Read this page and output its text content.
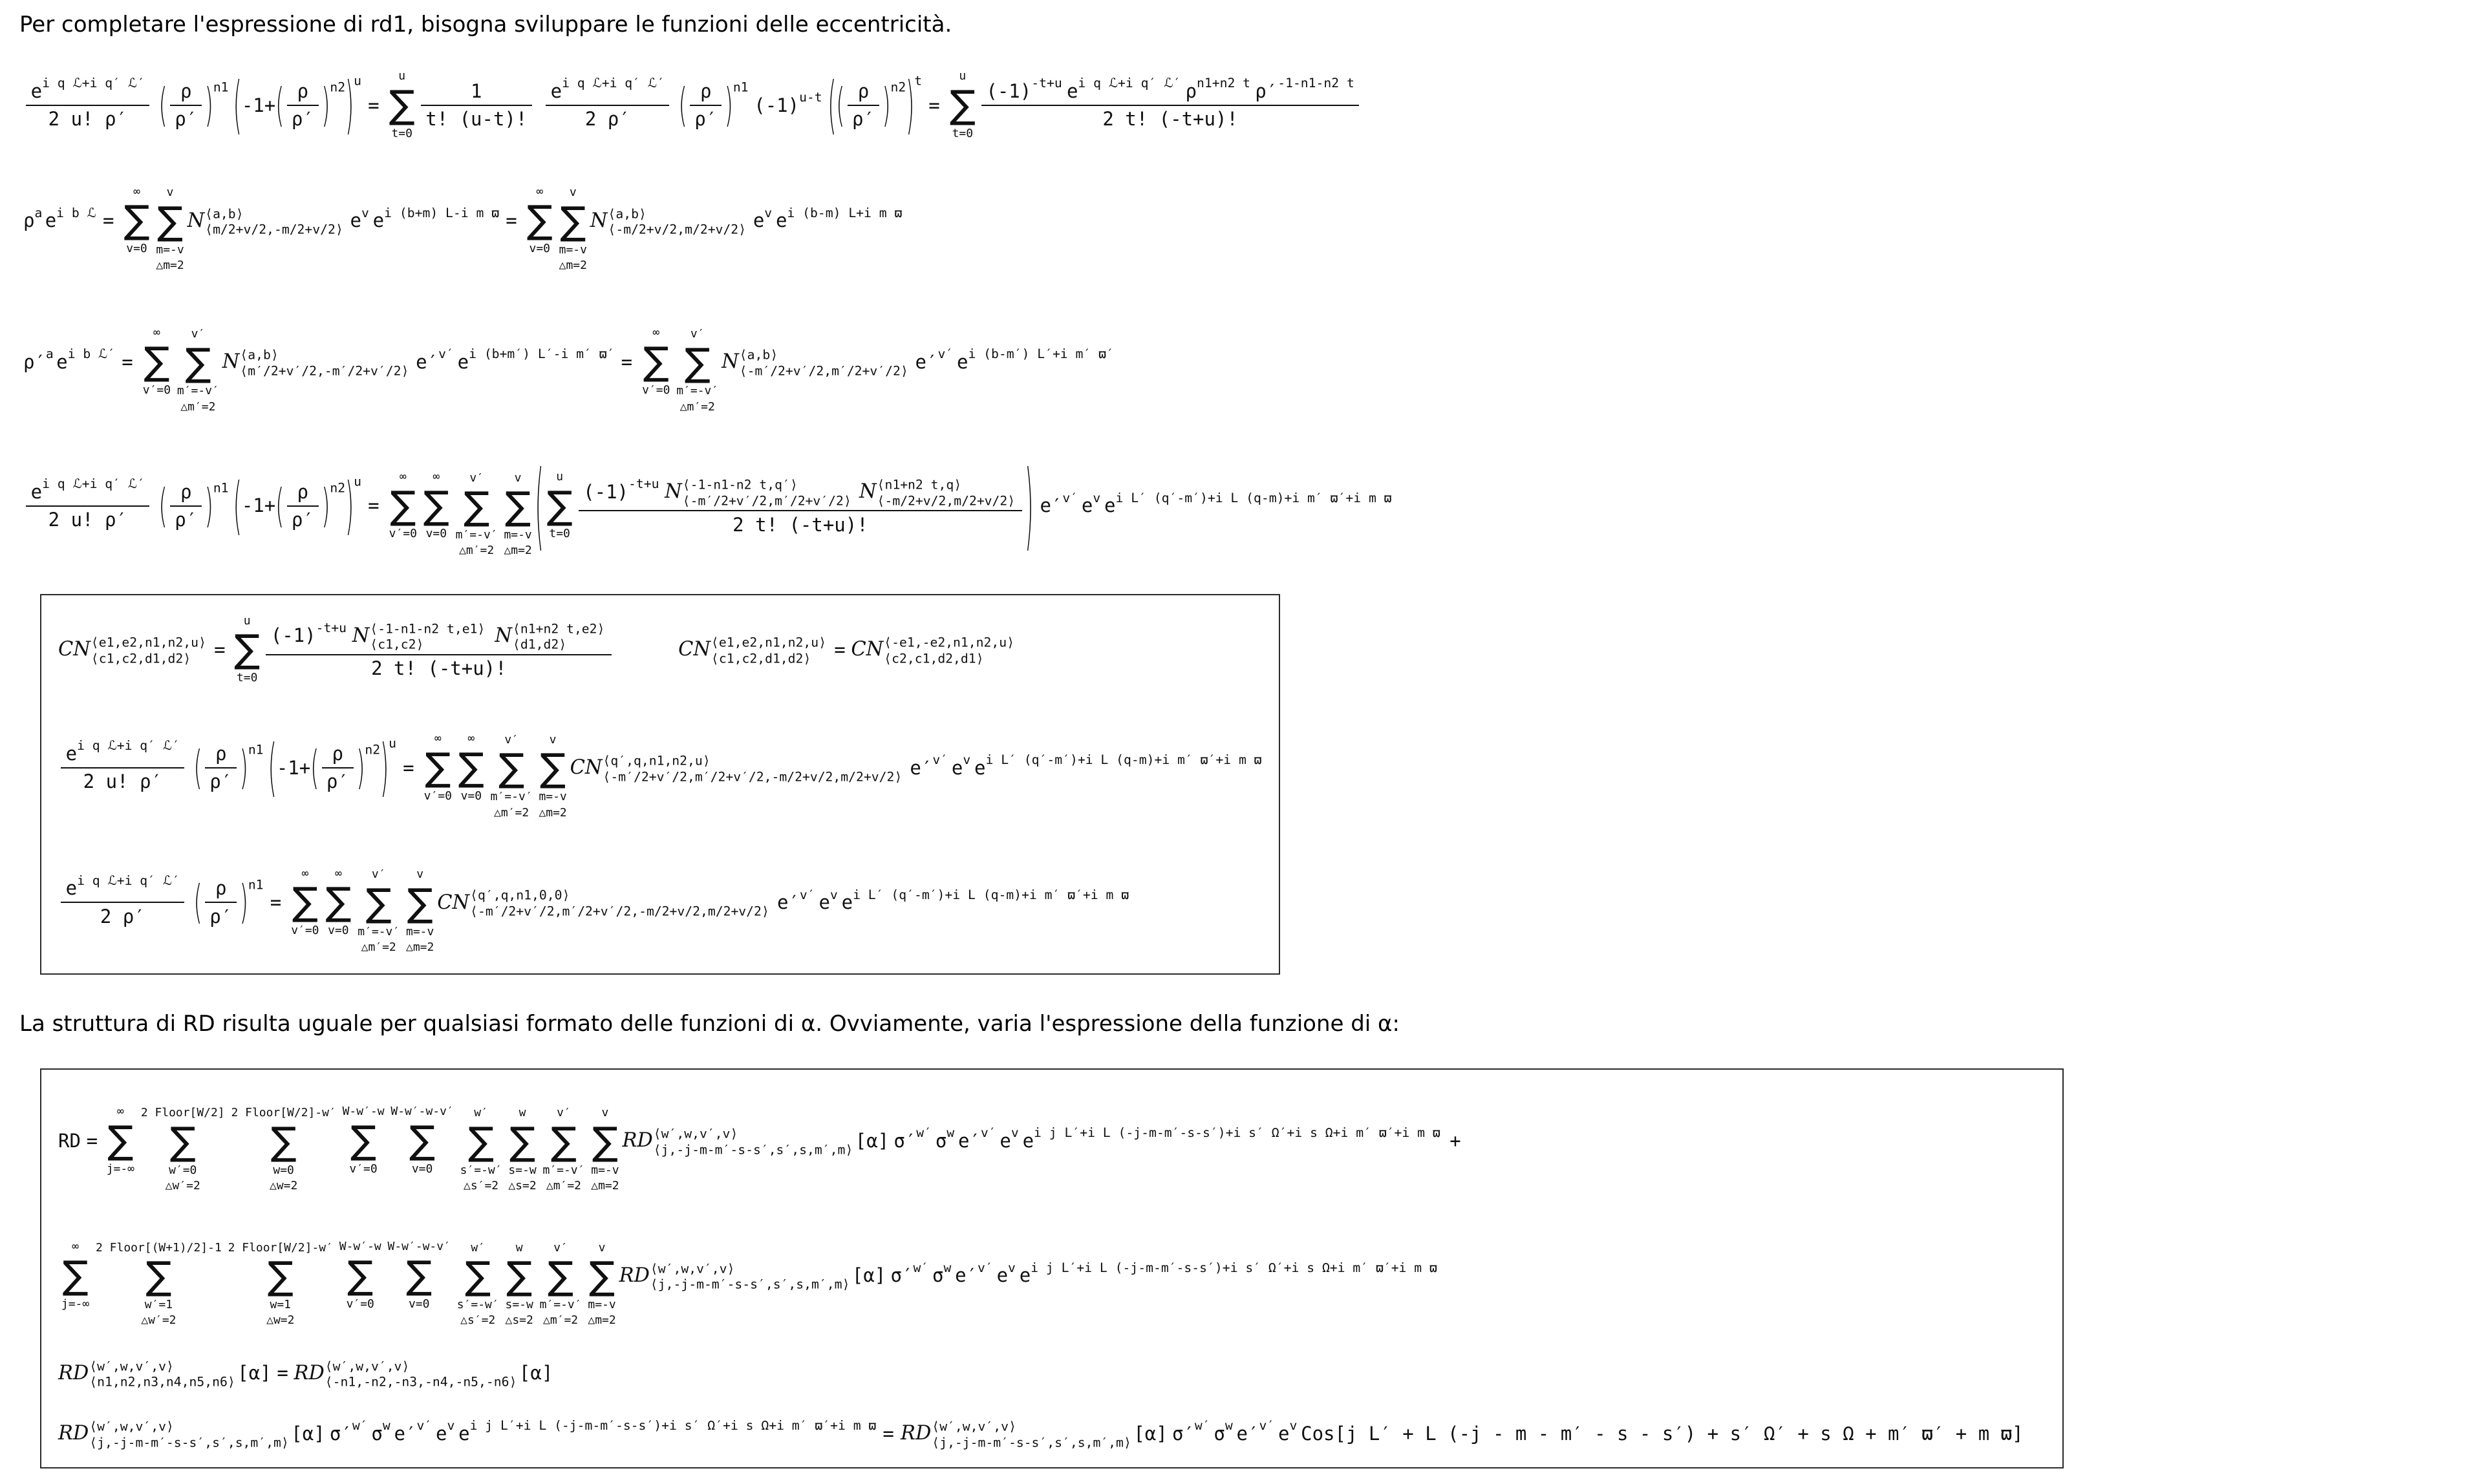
Per completare l'espressione di rd1, bisogna sviluppare le funzioni delle eccentricità.
e i q ℒ+i q′ ℒ′
2 u! ρ′ ( $\frac{\rho}{\rho'}$ ) n1 ( -1+ ( $\frac{\rho}{\rho'}$ ) n2 ) u
=
u
∑
t=0
$\frac{1}{t! (u-t)!}$ e i q ℒ+i q′ ℒ′
2 ρ′ ( $\frac{\rho}{\rho'}$ ) n1
(-1) u-t ( ( $\frac{\rho}{\rho'}$ ) n2 ) t
=
u
∑
t=0
(-1) -t+u e i q ℒ+i q′ ℒ′ ρ n1+n2 t ρ′ -1-n1-n2 t
2 t! (-t+u)!
ρ a e i b ℒ =
∞
∑
v=0
v
∑
m=-v
△m=2
N ⟨a,b⟩
⟨m/2+v/2,-m/2+v/2⟩ e v e i (b+m) L-i m ϖ =
∞
∑
v=0
v
∑
m=-v
△m=2
N ⟨a,b⟩
⟨-m/2+v/2,m/2+v/2⟩ e v e i (b-m) L+i m ϖ
ρ′ a e i b ℒ′ =
∞
∑
v′=0
v′
∑
m′=-v′
△m′=2
N ⟨a,b⟩
⟨m′/2+v′/2,-m′/2+v′/2⟩ e′ v′ e i (b+m′) L′-i m′ ϖ′ =
∞
∑
v′=0
v′
∑
m′=-v′
△m′=2
N ⟨a,b⟩
⟨-m′/2+v′/2,m′/2+v′/2⟩ e′ v′ e i (b-m′) L′+i m′ ϖ′
e i q ℒ+i q′ ℒ′
2 u! ρ′ ( $\frac{\rho}{\rho'}$ ) n1 ( -1+ ( $\frac{\rho}{\rho'}$ ) n2 ) u
=
∞
∑
v′=0
∞
∑
v=0
v′
∑
m′=-v′
△m′=2
v
∑
m=-v
△m=2 ( u
∑
t=0
(-1) -t+u N ⟨-1-n1-n2 t,q′⟩
⟨-m′/2+v′/2,m′/2+v′/2⟩ N ⟨n1+n2 t,q⟩
⟨-m/2+v/2,m/2+v/2⟩
2 t! (-t+u)!	) e′ v′ e v e i L′ (q′-m′)+i L (q-m)+i m′ ϖ′+i m ϖ
CN ⟨e1,e2,n1,n2,u⟩
⟨c1,c2,d1,d2⟩ =
u
∑
t=0 (-1) -t+u N ⟨-1-n1-n2 t,e1⟩
⟨c1,c2⟩	N ⟨n1+n2 t,e2⟩
⟨d1,d2⟩
2 t! (-t+u)!	CN ⟨e1,e2,n1,n2,u⟩
⟨c1,c2,d1,d2⟩ = CN ⟨-e1,-e2,n1,n2,u⟩
⟨c2,c1,d2,d1⟩
e i q ℒ+i q′ ℒ′
2 u! ρ′ ( $\frac{\rho}{\rho'}$ ) n1 ( -1+ ( $\frac{\rho}{\rho'}$ ) n2 ) u
=
∞
∑
v′=0
∞
∑
v=0
v′
∑
m′=-v′
△m′=2
v
∑
m=-v
△m=2
CN ⟨q′,q,n1,n2,u⟩
⟨-m′/2+v′/2,m′/2+v′/2,-m/2+v/2,m/2+v/2⟩ e′ v′ e v e i L′ (q′-m′)+i L (q-m)+i m′ ϖ′+i m ϖ
e i q ℒ+i q′ ℒ′
2 ρ′ ( $\frac{\rho}{\rho'}$ ) n1
=
∞
∑
v′=0
∞
∑
v=0
v′
∑
m′=-v′
△m′=2
v
∑
m=-v
△m=2
CN ⟨q′,q,n1,0,0⟩
⟨-m′/2+v′/2,m′/2+v′/2,-m/2+v/2,m/2+v/2⟩ e′ v′ e v e i L′ (q′-m′)+i L (q-m)+i m′ ϖ′+i m ϖ
La struttura di RD risulta uguale per qualsiasi formato delle funzioni di α. Ovviamente, varia l'espressione della funzione di α:
RD =
∞
∑
j=-∞
2 Floor[W/2]
∑
w′=0
△w′=2
2 Floor[W/2]-w′
∑
w=0
△w=2
W-w′-w
∑
v′=0
W-w′-w-v′
∑
v=0
w′
∑
s′=-w′
△s′=2
w
∑
s=-w
△s=2
v′
∑
m′=-v′
△m′=2
v
∑
m=-v
△m=2
RD ⟨w′,w,v′,v⟩
⟨j,-j-m-m′-s-s′,s′,s,m′,m⟩ [α] σ′ w′ σ w e′ v′ e v e i j L′+i L (-j-m-m′-s-s′)+i s′ Ω′+i s Ω+i m′ ϖ′+i m ϖ +
∞
∑
j=-∞
2 Floor[(W+1)/2]-1
∑
w′=1
△w′=2
2 Floor[W/2]-w′
∑
w=1
△w=2
W-w′-w
∑
v′=0
W-w′-w-v′
∑
v=0
w′
∑
s′=-w′
△s′=2
w
∑
s=-w
△s=2
v′
∑
m′=-v′
△m′=2
v
∑
m=-v
△m=2
RD ⟨w′,w,v′,v⟩
⟨j,-j-m-m′-s-s′,s′,s,m′,m⟩ [α] σ′ w′ σ w e′ v′ e v e i j L′+i L (-j-m-m′-s-s′)+i s′ Ω′+i s Ω+i m′ ϖ′+i m ϖ
RD ⟨w′,w,v′,v⟩
⟨n1,n2,n3,n4,n5,n6⟩ [α] = RD ⟨w′,w,v′,v⟩
⟨-n1,-n2,-n3,-n4,-n5,-n6⟩ [α]
RD ⟨w′,w,v′,v⟩
⟨j,-j-m-m′-s-s′,s′,s,m′,m⟩ [α] σ′ w′ σ w e′ v′ e v e i j L′+i L (-j-m-m′-s-s′)+i s′ Ω′+i s Ω+i m′ ϖ′+i m ϖ = RD ⟨w′,w,v′,v⟩
⟨j,-j-m-m′-s-s′,s′,s,m′,m⟩ [α] σ′ w′ σ w e′ v′ e v Cos[j L′ + L (-j - m - m′ - s - s′) + s′ Ω′ + s Ω + m′ ϖ′ + m ϖ]
